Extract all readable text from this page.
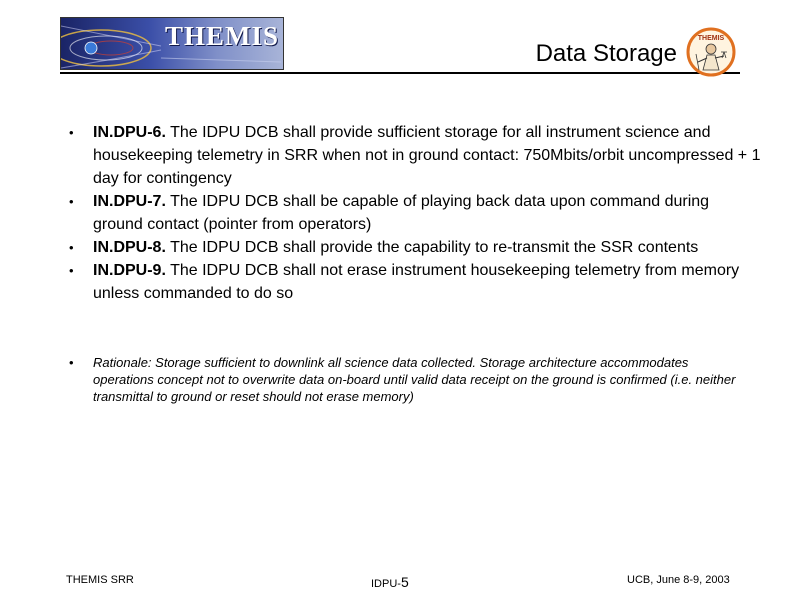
THEMIS
Data Storage
THEMIS
• IN.DPU-6. The IDPU DCB shall provide sufficient storage for all instrument science and housekeeping telemetry in SRR when not in ground contact: 750Mbits/orbit uncompressed + 1 day for contingency
• IN.DPU-7. The IDPU DCB shall be capable of playing back data upon command during ground contact (pointer from operators)
• IN.DPU-8. The IDPU DCB shall provide the capability to re-transmit the SSR contents
• IN.DPU-9. The IDPU DCB shall not erase instrument housekeeping telemetry from memory unless commanded to do so
• Rationale: Storage sufficient to downlink all science data collected. Storage architecture accommodates operations concept not to overwrite data on-board until valid data receipt on the ground is confirmed (i.e. neither transmittal to ground or reset should not erase memory)
THEMIS SRR	IDPU-5	UCB, June 8-9, 2003
